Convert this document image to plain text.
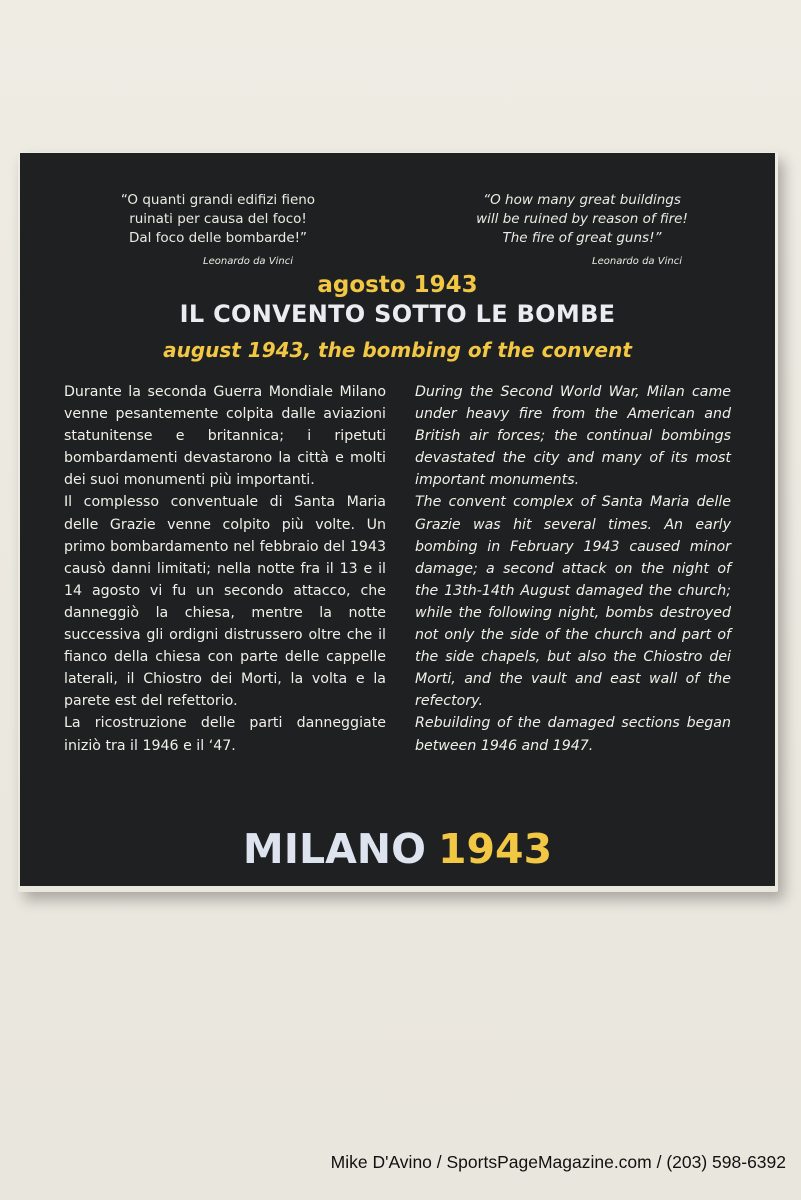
“O quanti grandi edifizi fieno
ruinati per causa del foco!
Dal foco delle bombarde!”
Leonardo da Vinci
“O how many great buildings
will be ruined by reason of fire!
The fire of great guns!”
Leonardo da Vinci
agosto 1943
IL CONVENTO SOTTO LE BOMBE
august 1943, the bombing of the convent

Durante la seconda Guerra Mondiale Milano venne pesantemente colpita dalle aviazioni statunitense e britannica; i ripetuti bombardamenti devastarono la città e molti dei suoi monumenti più importanti.

Il complesso conventuale di Santa Maria delle Grazie venne colpito più volte. Un primo bombardamento nel febbraio del 1943 causò danni limitati; nella notte fra il 13 e il 14 agosto vi fu un secondo attacco, che danneggiò la chiesa, mentre la notte successiva gli ordigni distrussero oltre che il fianco della chiesa con parte delle cappelle laterali, il Chiostro dei Morti, la volta e la parete est del refettorio.

La ricostruzione delle parti danneggiate iniziò tra il 1946 e il ‘47.

During the Second World War, Milan came under heavy fire from the American and British air forces; the continual bombings devastated the city and many of its most important monuments.

The convent complex of Santa Maria delle Grazie was hit several times. An early bombing in February 1943 caused minor damage; a second attack on the night of the 13th-14th August damaged the church; while the following night, bombs destroyed not only the side of the church and part of the side chapels, but also the Chiostro dei Morti, and the vault and east wall of the refectory.

Rebuilding of the damaged sections began between 1946 and 1947.

MILANO 1943
Mike D'Avino / SportsPageMagazine.com / (203) 598-6392
